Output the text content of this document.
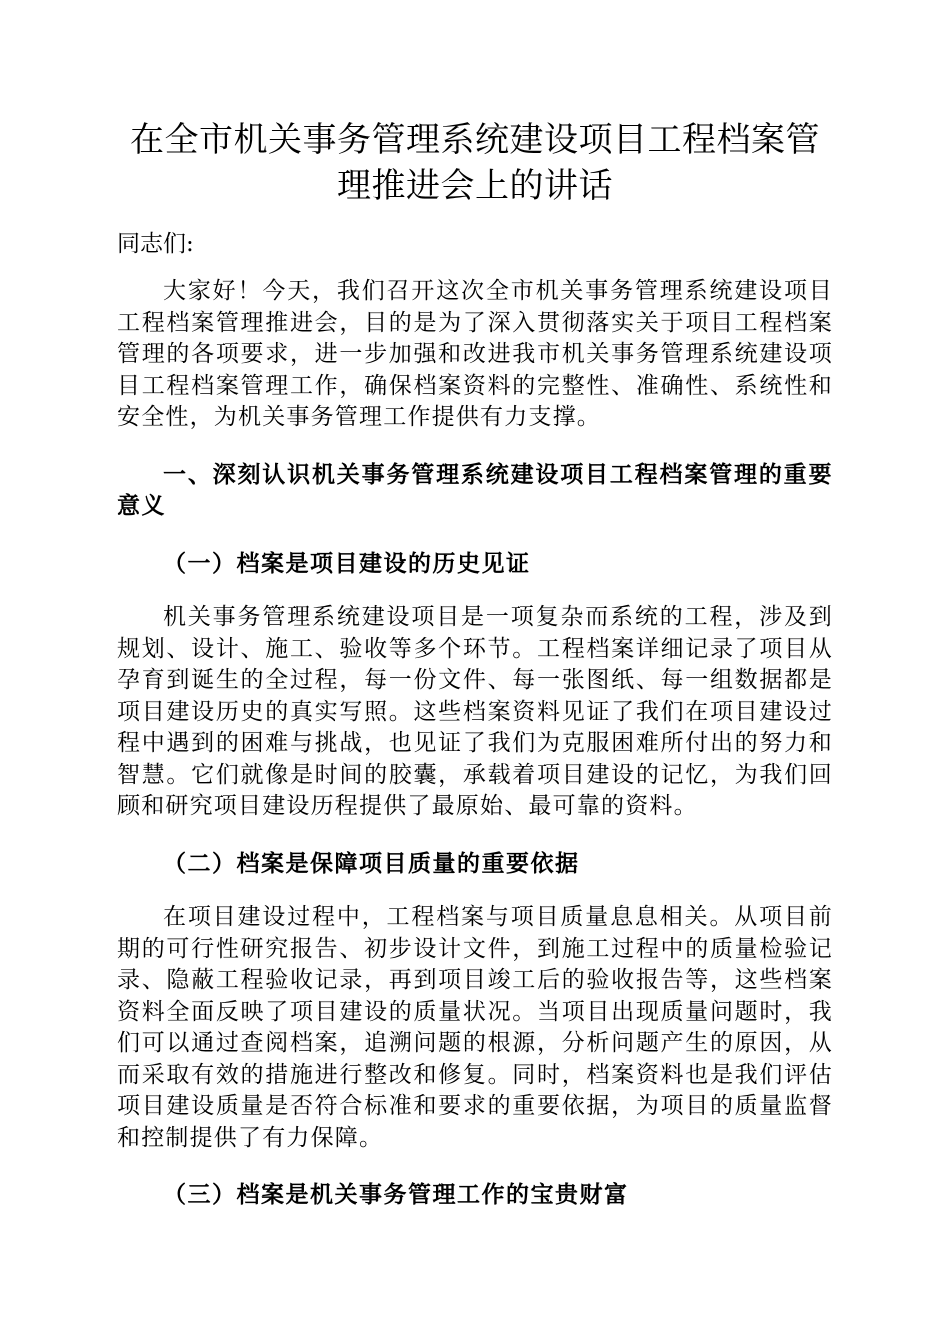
在全市机关事务管理系统建设项目工程档案管理推进会上的讲话

同志们:

大家好！今天，我们召开这次全市机关事务管理系统建设项目工程档案管理推进会，目的是为了深入贯彻落实关于项目工程档案管理的各项要求，进一步加强和改进我市机关事务管理系统建设项目工程档案管理工作，确保档案资料的完整性、准确性、系统性和安全性，为机关事务管理工作提供有力支撑。

一、深刻认识机关事务管理系统建设项目工程档案管理的重要意义
（一）档案是项目建设的历史见证

机关事务管理系统建设项目是一项复杂而系统的工程，涉及到规划、设计、施工、验收等多个环节。工程档案详细记录了项目从孕育到诞生的全过程，每一份文件、每一张图纸、每一组数据都是项目建设历史的真实写照。这些档案资料见证了我们在项目建设过程中遇到的困难与挑战，也见证了我们为克服困难所付出的努力和智慧。它们就像是时间的胶囊，承载着项目建设的记忆，为我们回顾和研究项目建设历程提供了最原始、最可靠的资料。

（二）档案是保障项目质量的重要依据

在项目建设过程中，工程档案与项目质量息息相关。从项目前期的可行性研究报告、初步设计文件，到施工过程中的质量检验记录、隐蔽工程验收记录，再到项目竣工后的验收报告等，这些档案资料全面反映了项目建设的质量状况。当项目出现质量问题时，我们可以通过查阅档案，追溯问题的根源，分析问题产生的原因，从而采取有效的措施进行整改和修复。同时，档案资料也是我们评估项目建设质量是否符合标准和要求的重要依据，为项目的质量监督和控制提供了有力保障。

（三）档案是机关事务管理工作的宝贵财富
